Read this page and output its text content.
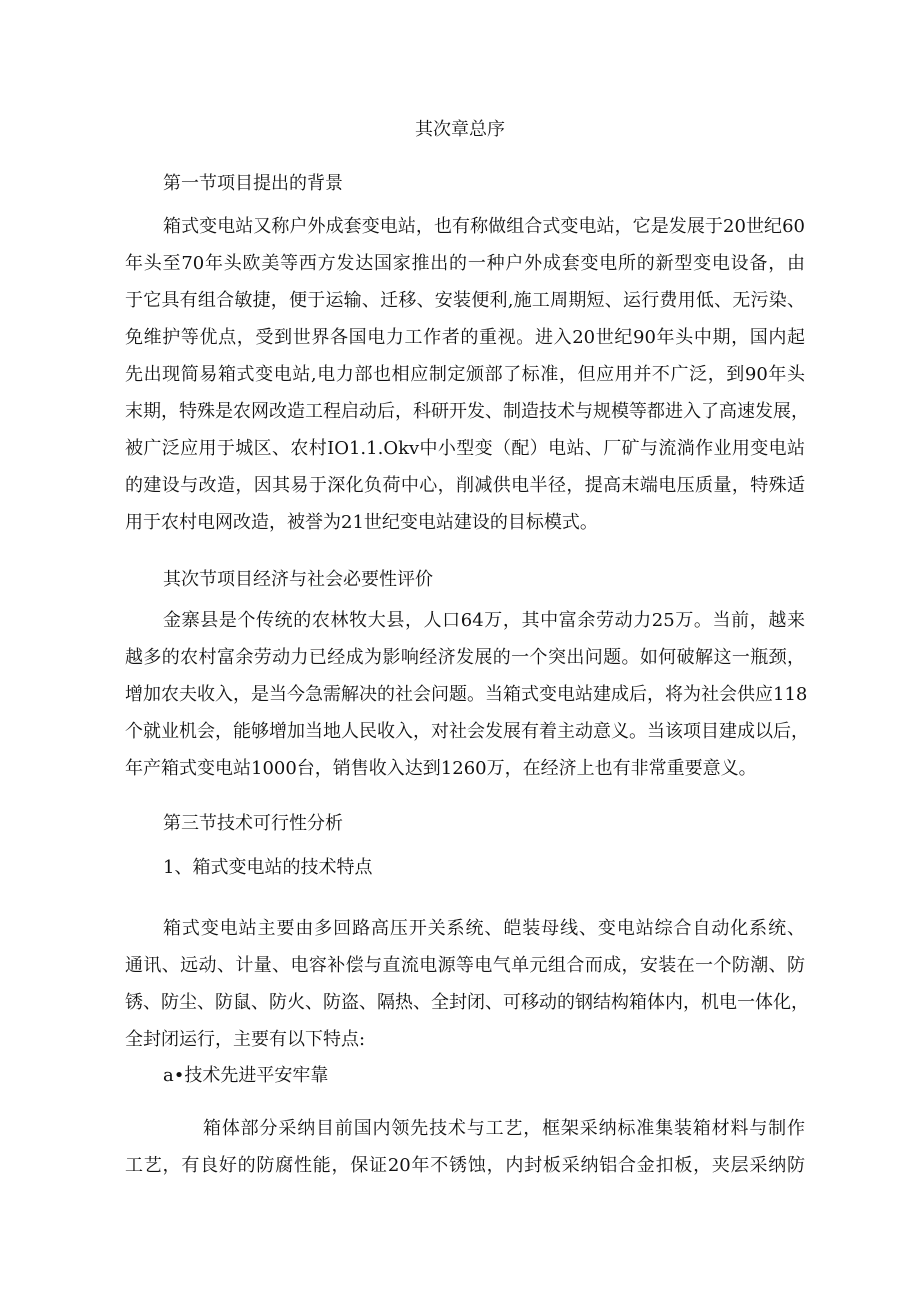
其次章总序
第一节项目提出的背景
箱式变电站又称户外成套变电站，也有称做组合式变电站，它是发展于20世纪60
年头至70年头欧美等西方发达国家推出的一种户外成套变电所的新型变电设备，由
于它具有组合敏捷，便于运输、迁移、安装便利,施工周期短、运行费用低、无污染、
免维护等优点，受到世界各国电力工作者的重视。进入20世纪90年头中期，国内起
先出现简易箱式变电站,电力部也相应制定颁部了标准，但应用并不广泛，到90年头
末期，特殊是农网改造工程启动后，科研开发、制造技术与规模等都进入了高速发展，
被广泛应用于城区、农村IO1.1.Okv中小型变（配）电站、厂矿与流淌作业用变电站
的建设与改造，因其易于深化负荷中心，削减供电半径，提高末端电压质量，特殊适
用于农村电网改造，被誉为21世纪变电站建设的目标模式。
其次节项目经济与社会必要性评价
金寨县是个传统的农林牧大县，人口64万，其中富余劳动力25万。当前，越来
越多的农村富余劳动力已经成为影响经济发展的一个突出问题。如何破解这一瓶颈，
增加农夫收入，是当今急需解决的社会问题。当箱式变电站建成后，将为社会供应118
个就业机会，能够增加当地人民收入，对社会发展有着主动意义。当该项目建成以后，
年产箱式变电站1000台，销售收入达到1260万，在经济上也有非常重要意义。
第三节技术可行性分析
1、箱式变电站的技术特点
箱式变电站主要由多回路高压开关系统、皑装母线、变电站综合自动化系统、
通讯、远动、计量、电容补偿与直流电源等电气单元组合而成，安装在一个防潮、防
锈、防尘、防鼠、防火、防盗、隔热、全封闭、可移动的钢结构箱体内，机电一体化，
全封闭运行，主要有以下特点:
a•技术先进平安牢靠
箱体部分采纳目前国内领先技术与工艺，框架采纳标准集装箱材料与制作
工艺，有良好的防腐性能，保证20年不锈蚀，内封板采纳铝合金扣板，夹层采纳防
